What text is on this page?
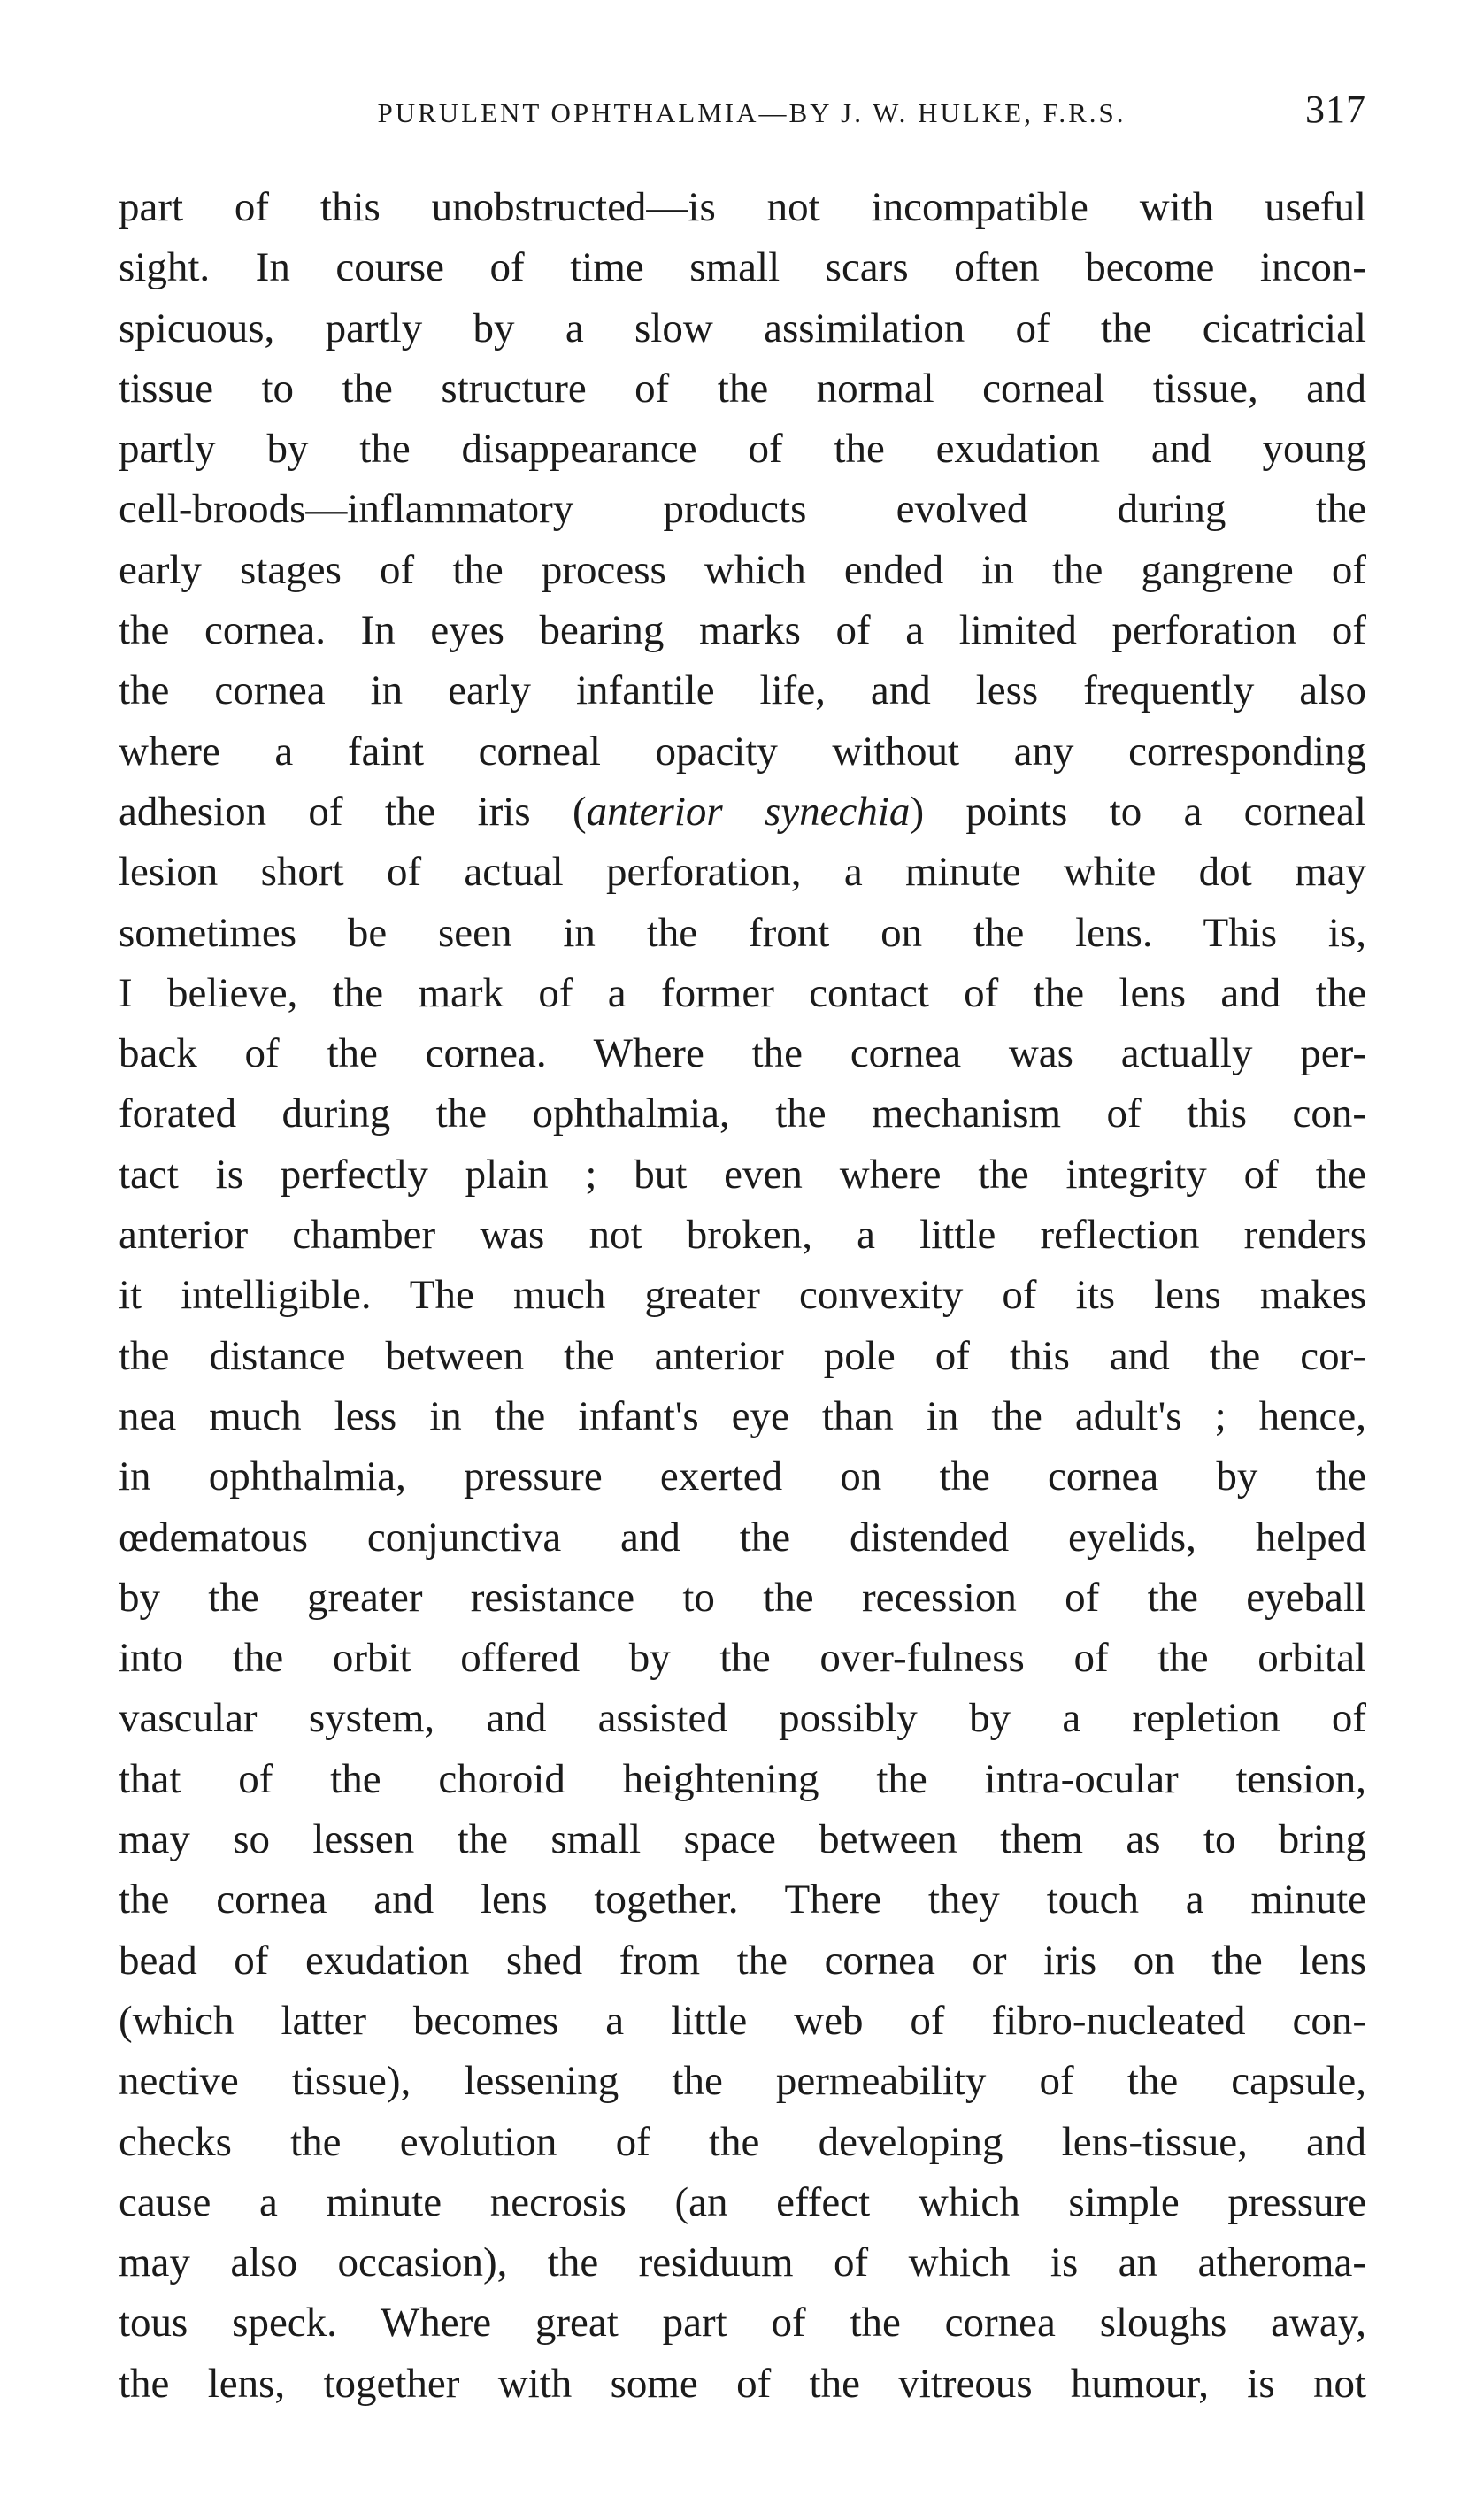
PURULENT OPHTHALMIA—BY J. W. HULKE, F.R.S.	317
part of this unobstructed—is not incompatible with useful
sight. In course of time small scars often become incon-
spicuous, partly by a slow assimilation of the cicatricial
tissue to the structure of the normal corneal tissue, and
partly by the disappearance of the exudation and young
cell-broods—inflammatory products evolved during the
early stages of the process which ended in the gangrene of
the cornea. In eyes bearing marks of a limited perforation of
the cornea in early infantile life, and less frequently also
where a faint corneal opacity without any corresponding
adhesion of the iris (anterior synechia) points to a corneal
lesion short of actual perforation, a minute white dot may
sometimes be seen in the front on the lens. This is,
I believe, the mark of a former contact of the lens and the
back of the cornea. Where the cornea was actually per-
forated during the ophthalmia, the mechanism of this con-
tact is perfectly plain ; but even where the integrity of the
anterior chamber was not broken, a little reflection renders
it intelligible. The much greater convexity of its lens makes
the distance between the anterior pole of this and the cor-
nea much less in the infant's eye than in the adult's ; hence,
in ophthalmia, pressure exerted on the cornea by the
œdematous conjunctiva and the distended eyelids, helped
by the greater resistance to the recession of the eyeball
into the orbit offered by the over-fulness of the orbital
vascular system, and assisted possibly by a repletion of
that of the choroid heightening the intra-ocular tension,
may so lessen the small space between them as to bring
the cornea and lens together. There they touch a minute
bead of exudation shed from the cornea or iris on the lens
(which latter becomes a little web of fibro-nucleated con-
nective tissue), lessening the permeability of the capsule,
checks the evolution of the developing lens-tissue, and
cause a minute necrosis (an effect which simple pressure
may also occasion), the residuum of which is an atheroma-
tous speck. Where great part of the cornea sloughs away,
the lens, together with some of the vitreous humour, is not
